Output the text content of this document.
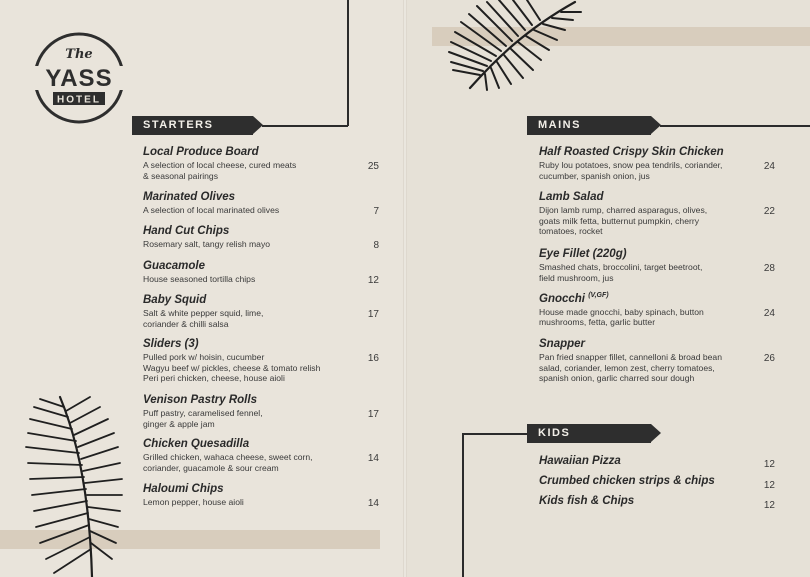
The
YASS
HOTEL
STARTERS	MAINS
KIDS
Local Produce Board
A selection of local cheese, cured meats
& seasonal pairings
25
Marinated Olives
A selection of local marinated olives	7
Hand Cut Chips
Rosemary salt, tangy relish mayo	8
Guacamole
House seasoned tortilla chips	12
Baby Squid
Salt & white pepper squid, lime,
coriander & chilli salsa
17
Sliders (3)
Pulled pork w/ hoisin, cucumber
Wagyu beef w/ pickles, cheese & tomato relish
Peri peri chicken, cheese, house aioli
16
Venison Pastry Rolls
Puff pastry, caramelised fennel,
ginger & apple jam
17
Chicken Quesadilla
Grilled chicken, wahaca cheese, sweet corn,
coriander, guacamole & sour cream
14
Haloumi Chips
Lemon pepper, house aioli	14
Half Roasted Crispy Skin Chicken
Ruby lou potatoes, snow pea tendrils, coriander,
cucumber, spanish onion, jus
24
Lamb Salad
Dijon lamb rump, charred asparagus, olives,
goats milk fetta, butternut pumpkin, cherry
tomatoes, rocket
22
Eye Fillet (220g)
Smashed chats, broccolini, target beetroot,
field mushroom, jus
28
Gnocchi $^{(V,GF)}$
House made gnocchi, baby spinach, button
mushrooms, fetta, garlic butter
24
Snapper
Pan fried snapper fillet, cannelloni & broad bean
salad, coriander, lemon zest, cherry tomatoes,
spanish onion, garlic charred sour dough
26
Hawaiian Pizza	12
Crumbed chicken strips & chips	12
Kids fish & Chips	12
